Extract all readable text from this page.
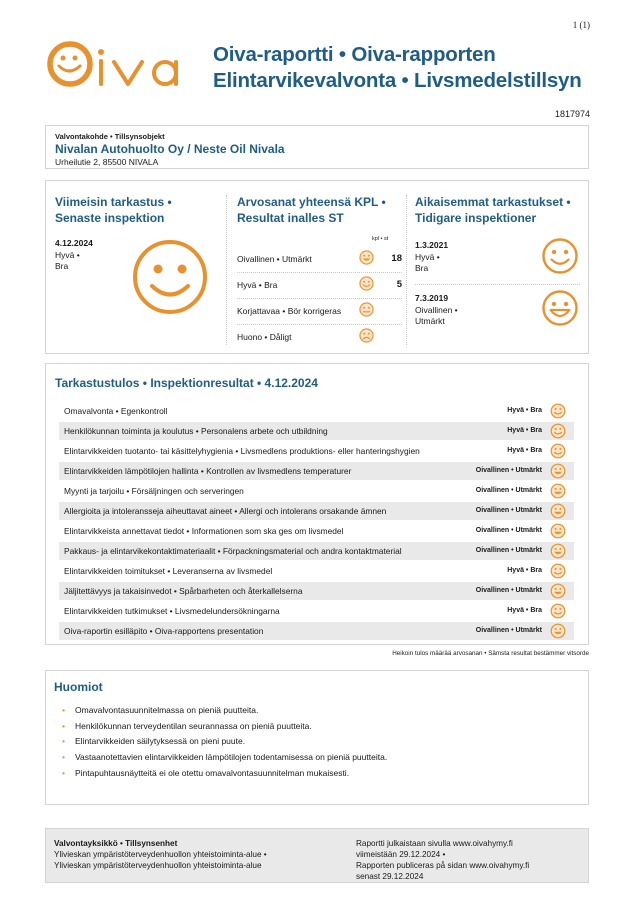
1 (1)
Oiva-raportti • Oiva-rapporten
Elintarvikevalvonta • Livsmedelstillsyn
1817974
Valvontakohde • Tillsynsobjekt
Nivalan Autohuolto Oy / Neste Oil Nivala
Urheilutie 2, 85500 NIVALA
Viimeisin tarkastus •
Senaste inspektion
4.12.2024
Hyvä •
Bra
Arvosanat yhteensä KPL •
Resultat inalles ST
kpl • st
Oivallinen • Utmärkt	18
Hyvä • Bra	5
Korjattavaa • Bör korrigeras
Huono • Dåligt
Aikaisemmat tarkastukset •
Tidigare inspektioner
1.3.2021
Hyvä •
Bra
7.3.2019
Oivallinen •
Utmärkt
Tarkastustulos • Inspektionresultat • 4.12.2024
Omavalvonta • Egenkontroll	Hyvä • Bra
Henkilökunnan toiminta ja koulutus • Personalens arbete och utbildning	Hyvä • Bra
Elintarvikkeiden tuotanto- tai käsittelyhygienia • Livsmedlens produktions- eller hanteringshygien	Hyvä • Bra
Elintarvikkeiden lämpötilojen hallinta • Kontrollen av livsmedlens temperaturer	Oivallinen • Utmärkt
Myynti ja tarjoilu • Försäljningen och serveringen	Oivallinen • Utmärkt
Allergioita ja intoleransseja aiheuttavat aineet • Allergi och intolerans orsakande ämnen	Oivallinen • Utmärkt
Elintarvikkeista annettavat tiedot • Informationen som ska ges om livsmedel	Oivallinen • Utmärkt
Pakkaus- ja elintarvikekontaktimateriaalit • Förpackningsmaterial och andra kontaktmaterial	Oivallinen • Utmärkt
Elintarvikkeiden toimitukset • Leveranserna av livsmedel	Hyvä • Bra
Jäljitettävyys ja takaisinvedot • Spårbarheten och återkallelserna	Oivallinen • Utmärkt
Elintarvikkeiden tutkimukset • Livsmedelundersökningarna	Hyvä • Bra
Oiva-raportin esilläpito • Oiva-rapportens presentation	Oivallinen • Utmärkt
Heikoin tulos määrää arvosanan • Sämsta resultat bestämmer vitsorde
Huomiot
• Omavalvontasuunnitelmassa on pieniä puutteita.
• Henkilökunnan terveydentilan seurannassa on pieniä puutteita.
• Elintarvikkeiden säilytyksessä on pieni puute.
• Vastaanotettavien elintarvikkeiden lämpötilojen todentamisessa on pieniä puutteita.
• Pintapuhtausnäytteitä ei ole otettu omavalvontasuunnitelman mukaisesti.
Valvontayksikkö • Tillsynsenhet
Ylivieskan ympäristöterveydenhuollon yhteistoiminta-alue •
Ylivieskan ympäristöterveydenhuollon yhteistoiminta-alue
Raportti julkaistaan sivulla www.oivahymy.fi
viimeistään 29.12.2024 •
Rapporten publiceras på sidan www.oivahymy.fi
senast 29.12.2024
